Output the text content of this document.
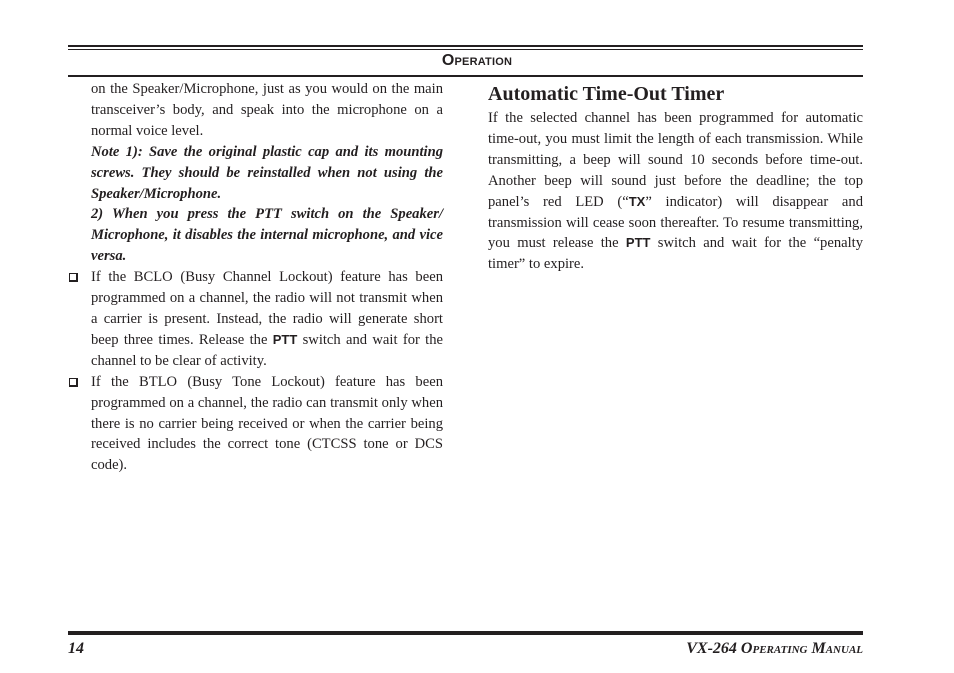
Operation

on the Speaker/Microphone, just as you would on the main transceiver’s body, and speak into the microphone on a normal voice level.

Note 1): Save the original plastic cap and its mounting screws. They should be reinstalled when not using the Speaker/Microphone.

2) When you press the PTT switch on the Speaker/ Microphone, it disables the internal microphone, and vice versa.

If the BCLO (Busy Channel Lockout) feature has been programmed on a channel, the radio will not transmit when a carrier is present. Instead, the radio will generate short beep three times. Release the PTT switch and wait for the channel to be clear of activity.

If the BTLO (Busy Tone Lockout) feature has been programmed on a channel, the radio can transmit only when there is no carrier being received or when the carrier being received includes the correct tone (CTCSS tone or DCS code).

Automatic Time-Out Timer

If the selected channel has been programmed for automatic time-out, you must limit the length of each transmission. While transmitting, a beep will sound 10 seconds before time-out. Another beep will sound just before the deadline; the top panel’s red LED (“TX” indicator) will disappear and transmission will cease soon thereafter. To resume transmitting, you must release the PTT switch and wait for the “penalty timer” to expire.

14	VX-264 Operating Manual
